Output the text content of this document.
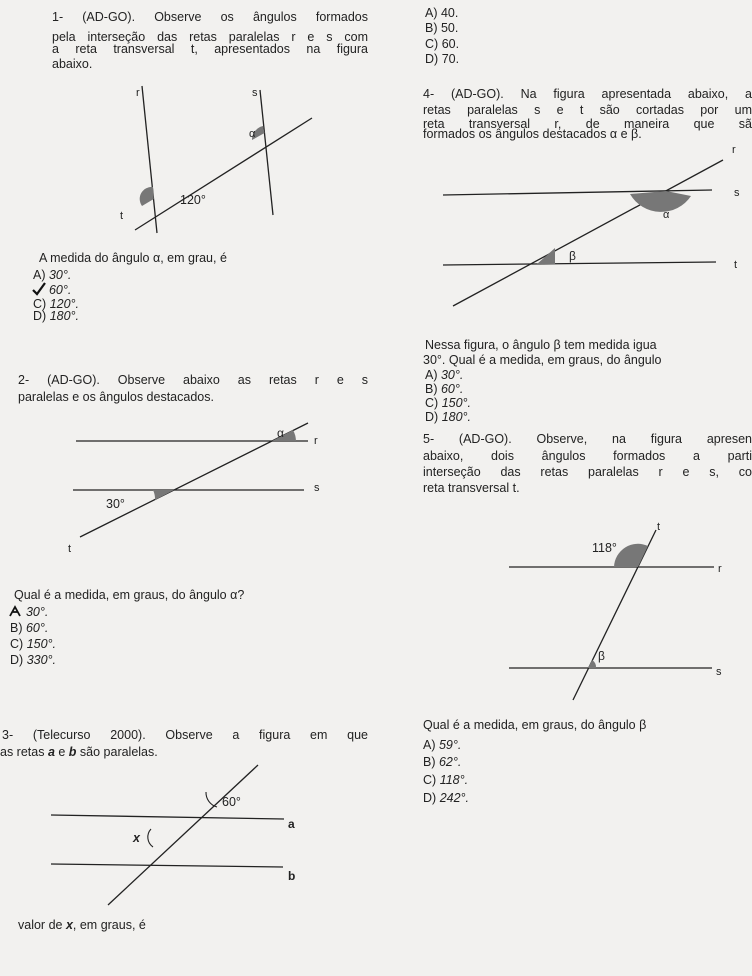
1- (AD-GO). Observe os ângulos formados
pela interseção das retas paralelas r e s com
a reta transversal t, apresentados na figura
abaixo.
r	s
α
120°
t
A medida do ângulo α, em grau, é
A) 30°.
60°.
C) 120°.
D) 180°.
A) 40.
B) 50.
C) 60.
D) 70.
4- (AD-GO). Na figura apresentada abaixo, a
retas paralelas s e t são cortadas por um
reta transversal r, de maneira que sã
formados os ângulos destacados α e β.
r
s
α
β
t
Nessa figura, o ângulo β tem medida igua
30°. Qual é a medida, em graus, do ângulo
A) 30°.
B) 60°.
C) 150°.
D) 180°.
2- (AD-GO). Observe abaixo as retas r e s
paralelas e os ângulos destacados.
α
r
s
30°
t
Qual é a medida, em graus, do ângulo α?
30°.
B) 60°.
C) 150°.
D) 330°.
5- (AD-GO). Observe, na figura apresen
abaixo, dois ângulos formados a parti
interseção das retas paralelas r e s, co
reta transversal t.
t
118°
r
β
s
Qual é a medida, em graus, do ângulo β
A) 59°.
B) 62°.
C) 118°.
D) 242°.
3- (Telecurso 2000). Observe a figura em que
as retas a e b são paralelas.
60°
x
a
b
valor de x, em graus, é
